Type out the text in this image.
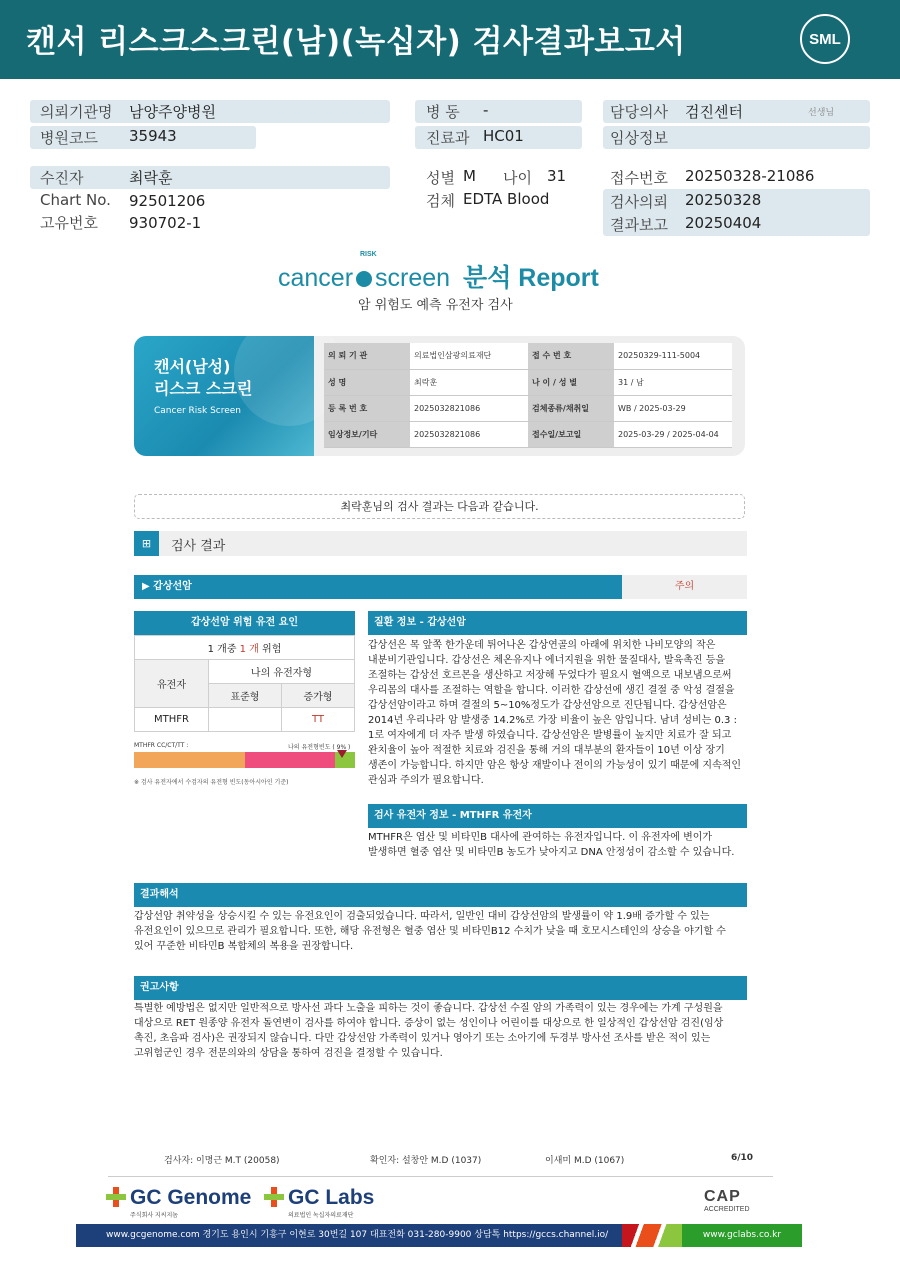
캔서 리스크스크린(남)(녹십자) 검사결과보고서	SML
의뢰기관명 남양주양병원
병원코드 35943
병 동 -
진료과 HC01
담당의사 검진센터	선생님
임상정보
수진자	최락훈
Chart No. 92501206
고유번호 930702-1
성별 M 나이 31
검체 EDTA Blood
접수번호 20250328-21086
검사의뢰 20250328
결과보고 20250404
RISK
cancer screen 분석 Report
암 위험도 예측 유전자 검사
캔서(남성)
리스크 스크린
Cancer Risk Screen
의 뢰 기 관	의료법인삼광의료재단	접 수 번 호	20250329-111-5004
성 명	최락훈	나 이 / 성 별	31 / 남
등 록 번 호	2025032821086	검체종류/채취일	WB / 2025-03-29
임상정보/기타	2025032821086	접수일/보고일	2025-03-29 / 2025-04-04
최락훈님의 검사 결과는 다음과 같습니다.
⊞	검사 결과
▶ 갑상선암	주의
갑상선암 위험 유전 요인
1 개중 1 개 위험		
유전자	나의 유전자형	
	표준형	증가형
MTHFR		TT
MTHFR CC/CT/TT :	나의 유전형빈도 ( 9% )
※ 검사 유전자에서 수검자의 유전형 빈도(동아시아인 기준)
질환 정보 - 갑상선암
갑상선은 목 앞쪽 한가운데 튀어나온 갑상연골의 아래에 위치한 나비모양의 작은
내분비기관입니다. 갑상선은 체온유지나 에너지원을 위한 물질대사, 발육촉진 등을
조절하는 갑상선 호르몬을 생산하고 저장해 두었다가 필요시 혈액으로 내보냄으로써
우리몸의 대사를 조절하는 역할을 합니다. 이러한 갑상선에 생긴 결절 중 악성 결절을
갑상선암이라고 하며 결절의 5~10%정도가 갑상선암으로 진단됩니다. 갑상선암은
2014년 우리나라 암 발생중 14.2%로 가장 비율이 높은 암입니다. 남녀 성비는 0.3 :
1로 여자에게 더 자주 발생 하였습니다. 갑상선암은 발병률이 높지만 치료가 잘 되고
완치율이 높아 적절한 치료와 검진을 통해 거의 대부분의 환자들이 10년 이상 장기
생존이 가능합니다. 하지만 암은 항상 재발이나 전이의 가능성이 있기 때문에 지속적인
관심과 주의가 필요합니다.
검사 유전자 정보 - MTHFR 유전자
MTHFR은 엽산 및 비타민B 대사에 관여하는 유전자입니다. 이 유전자에 변이가
발생하면 혈중 엽산 및 비타민B 농도가 낮아지고 DNA 안정성이 감소할 수 있습니다.
결과해석
갑상선암 취약성을 상승시킬 수 있는 유전요인이 검출되었습니다. 따라서, 일반인 대비 갑상선암의 발생률이 약 1.9배 증가할 수 있는
유전요인이 있으므로 관리가 필요합니다. 또한, 해당 유전형은 혈중 엽산 및 비타민B12 수치가 낮을 때 호모시스테인의 상승을 야기할 수
있어 꾸준한 비타민B 복합체의 복용을 권장합니다.
권고사항
특별한 예방법은 없지만 일반적으로 방사선 과다 노출을 피하는 것이 좋습니다. 갑상선 수질 암의 가족력이 있는 경우에는 가계 구성원을
대상으로 RET 원종양 유전자 돌연변이 검사를 하여야 합니다. 증상이 없는 성인이나 어린이를 대상으로 한 일상적인 갑상선암 검진(임상
촉진, 초음파 검사)은 권장되지 않습니다. 다만 갑상선암 가족력이 있거나 영아기 또는 소아기에 두경부 방사선 조사를 받은 적이 있는
고위험군인 경우 전문의와의 상담을 통하여 검진을 결정할 수 있습니다.
검사자: 이명근 M.T (20058)	확인자: 설창안 M.D (1037)	이새미 M.D (1067)	6/10
GC Genome
주식회사 지씨지놈
GC Labs
의료법인 녹십자의료재단
CAP
ACCREDITED
www.gcgenome.com 경기도 용인시 기흥구 이현로 30번길 107 대표전화 031-280-9900 상담톡 https://gccs.channel.io/	www.gclabs.co.kr
